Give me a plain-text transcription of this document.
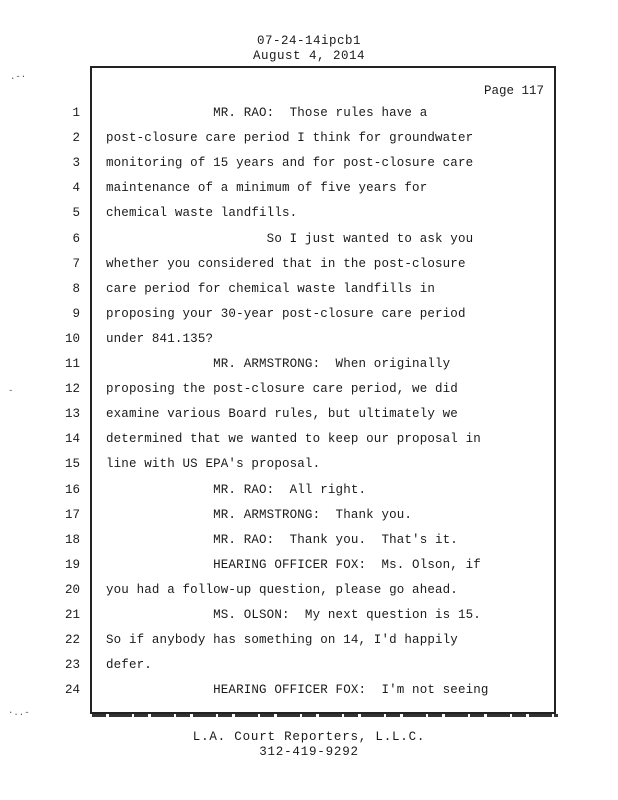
07-24-14ipcb1
August 4, 2014
.-·
-
·..-
Page 117
1 MR. RAO:  Those rules have a
2 post-closure care period I think for groundwater
3 monitoring of 15 years and for post-closure care
4 maintenance of a minimum of five years for
5 chemical waste landfills.
6 So I just wanted to ask you
7 whether you considered that in the post-closure
8 care period for chemical waste landfills in
9 proposing your 30-year post-closure care period
10 under 841.135?
11 MR. ARMSTRONG:  When originally
12 proposing the post-closure care period, we did
13 examine various Board rules, but ultimately we
14 determined that we wanted to keep our proposal in
15 line with US EPA's proposal.
16 MR. RAO:  All right.
17 MR. ARMSTRONG:  Thank you.
18 MR. RAO:  Thank you.  That's it.
19 HEARING OFFICER FOX:  Ms. Olson, if
20 you had a follow-up question, please go ahead.
21 MS. OLSON:  My next question is 15.
22 So if anybody has something on 14, I'd happily
23 defer.
24 HEARING OFFICER FOX:  I'm not seeing
L.A. Court Reporters, L.L.C.
312-419-9292
